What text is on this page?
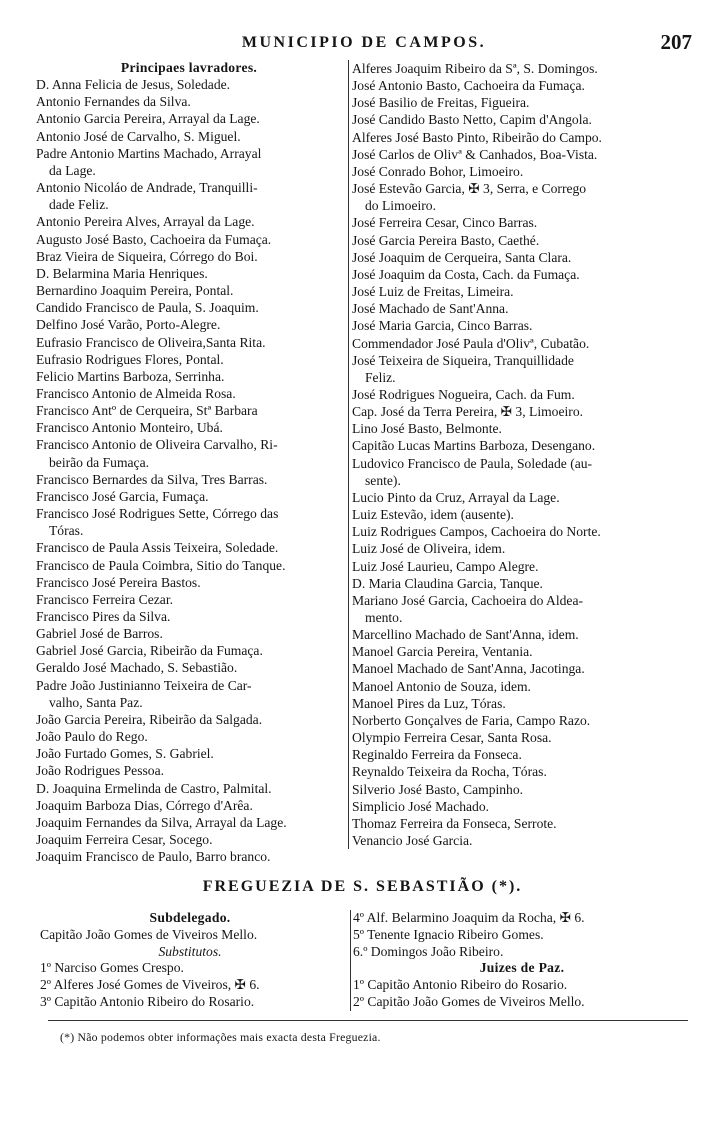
MUNICIPIO DE CAMPOS.	207
Principaes lavradores.
D. Anna Felicia de Jesus, Soledade.
Antonio Fernandes da Silva.
Antonio Garcia Pereira, Arrayal da Lage.
Antonio José de Carvalho, S. Miguel.
Padre Antonio Martins Machado, Arrayal
da Lage.
Antonio Nicoláo de Andrade, Tranquilli-
dade Feliz.
Antonio Pereira Alves, Arrayal da Lage.
Augusto José Basto, Cachoeira da Fumaça.
Braz Vieira de Siqueira, Córrego do Boi.
D. Belarmina Maria Henriques.
Bernardino Joaquim Pereira, Pontal.
Candido Francisco de Paula, S. Joaquim.
Delfino José Varão, Porto-Alegre.
Eufrasio Francisco de Oliveira,Santa Rita.
Eufrasio Rodrigues Flores, Pontal.
Felicio Martins Barboza, Serrinha.
Francisco Antonio de Almeida Rosa.
Francisco Antº de Cerqueira, Stª Barbara
Francisco Antonio Monteiro, Ubá.
Francisco Antonio de Oliveira Carvalho, Ri-
beirão da Fumaça.
Francisco Bernardes da Silva, Tres Barras.
Francisco José Garcia, Fumaça.
Francisco José Rodrigues Sette, Córrego das
Tóras.
Francisco de Paula Assis Teixeira, Soledade.
Francisco de Paula Coimbra, Sitio do Tanque.
Francisco José Pereira Bastos.
Francisco Ferreira Cezar.
Francisco Pires da Silva.
Gabriel José de Barros.
Gabriel José Garcia, Ribeirão da Fumaça.
Geraldo José Machado, S. Sebastião.
Padre João Justinianno Teixeira de Car-
valho, Santa Paz.
João Garcia Pereira, Ribeirão da Salgada.
João Paulo do Rego.
João Furtado Gomes, S. Gabriel.
João Rodrigues Pessoa.
D. Joaquina Ermelinda de Castro, Palmital.
Joaquim Barboza Dias, Córrego d'Arêa.
Joaquim Fernandes da Silva, Arrayal da Lage.
Joaquim Ferreira Cesar, Socego.
Joaquim Francisco de Paulo, Barro branco.
Alferes Joaquim Ribeiro da Sª, S. Domingos.
José Antonio Basto, Cachoeira da Fumaça.
José Basilio de Freitas, Figueira.
José Candido Basto Netto, Capim d'Angola.
Alferes José Basto Pinto, Ribeirão do Campo.
José Carlos de Olivª & Canhados, Boa-Vista.
José Conrado Bohor, Limoeiro.
José Estevão Garcia, ✠ 3, Serra, e Corrego
do Limoeiro.
José Ferreira Cesar, Cinco Barras.
José Garcia Pereira Basto, Caethé.
José Joaquim de Cerqueira, Santa Clara.
José Joaquim da Costa, Cach. da Fumaça.
José Luiz de Freitas, Limeira.
José Machado de Sant'Anna.
José Maria Garcia, Cinco Barras.
Commendador José Paula d'Olivª, Cubatão.
José Teixeira de Siqueira, Tranquillidade
Feliz.
José Rodrigues Nogueira, Cach. da Fum.
Cap. José da Terra Pereira, ✠ 3, Limoeiro.
Lino José Basto, Belmonte.
Capitão Lucas Martins Barboza, Desengano.
Ludovico Francisco de Paula, Soledade (au-
sente).
Lucio Pinto da Cruz, Arrayal da Lage.
Luiz Estevão, idem (ausente).
Luiz Rodrigues Campos, Cachoeira do Norte.
Luiz José de Oliveira, idem.
Luiz José Laurieu, Campo Alegre.
D. Maria Claudina Garcia, Tanque.
Mariano José Garcia, Cachoeira do Aldea-
mento.
Marcellino Machado de Sant'Anna, idem.
Manoel Garcia Pereira, Ventania.
Manoel Machado de Sant'Anna, Jacotinga.
Manoel Antonio de Souza, idem.
Manoel Pires da Luz, Tóras.
Norberto Gonçalves de Faria, Campo Razo.
Olympio Ferreira Cesar, Santa Rosa.
Reginaldo Ferreira da Fonseca.
Reynaldo Teixeira da Rocha, Tóras.
Silverio José Basto, Campinho.
Simplicio José Machado.
Thomaz Ferreira da Fonseca, Serrote.
Venancio José Garcia.
FREGUEZIA DE S. SEBASTIÃO (*).
Subdelegado.
Capitão João Gomes de Viveiros Mello.
Substitutos.
1º Narciso Gomes Crespo.
2º Alferes José Gomes de Viveiros, ✠ 6.
3º Capitão Antonio Ribeiro do Rosario.
4º Alf. Belarmino Joaquim da Rocha, ✠ 6.
5º Tenente Ignacio Ribeiro Gomes.
6.º Domingos João Ribeiro.
Juizes de Paz.
1º Capitão Antonio Ribeiro do Rosario.
2º Capitão João Gomes de Viveiros Mello.
(*) Não podemos obter informações mais exacta desta Freguezia.
